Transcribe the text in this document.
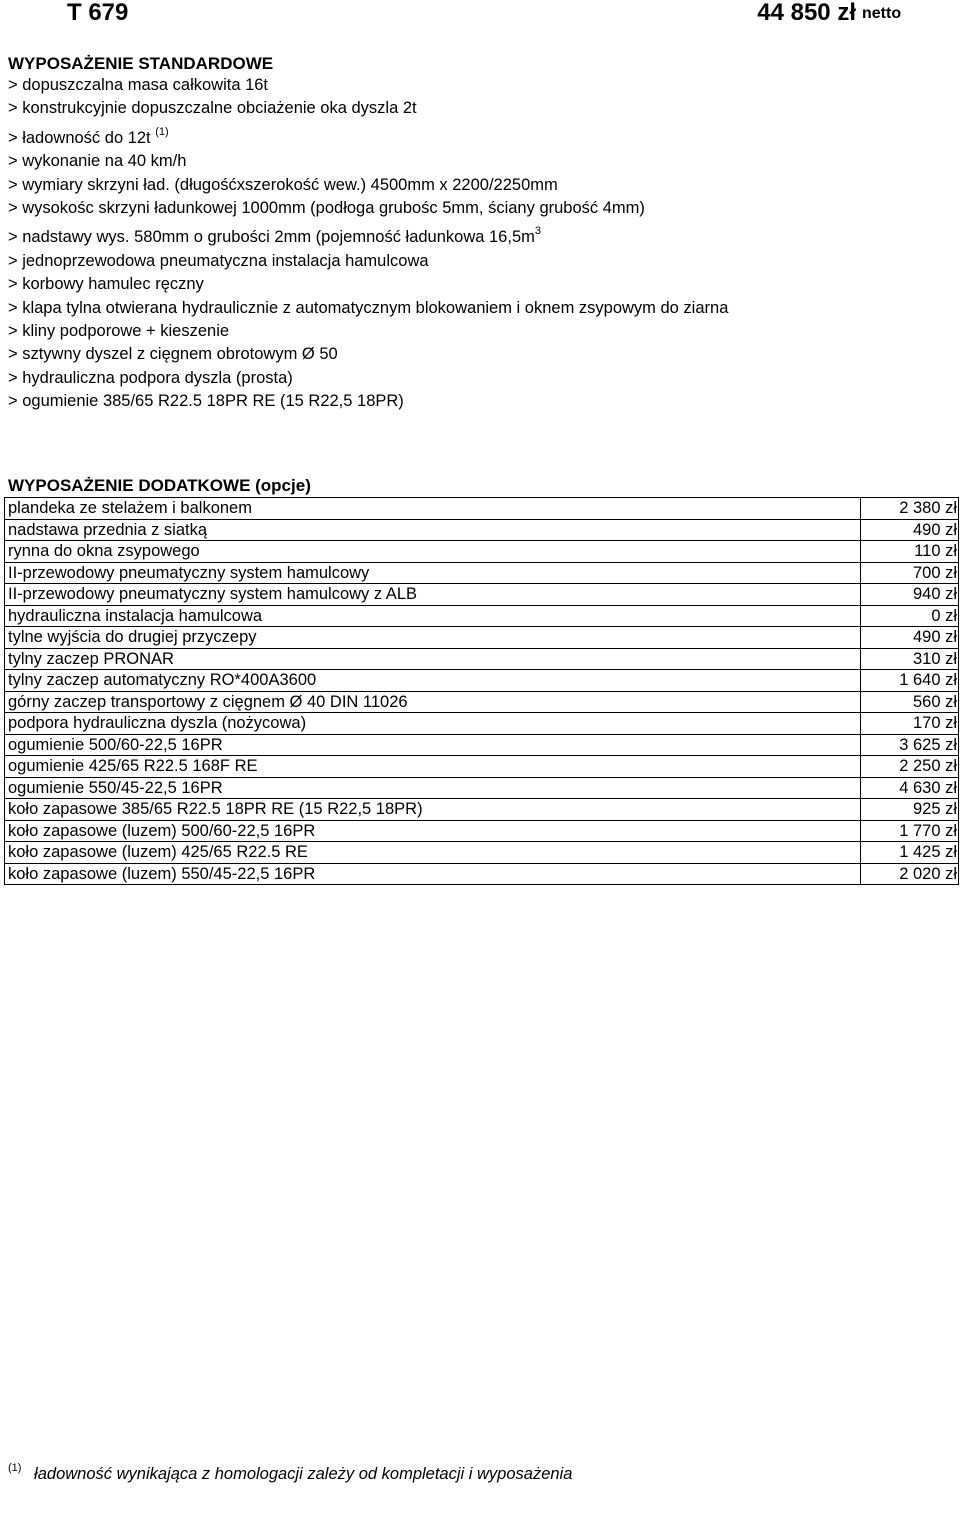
T 679	44 850 zł netto
WYPOSAŻENIE STANDARDOWE
> dopuszczalna masa całkowita 16t
> konstrukcyjnie dopuszczalne obciażenie oka dyszla 2t
> ładowność do 12t $^{(1)}$
> wykonanie na 40 km/h
> wymiary skrzyni ład. (długośćxszerokość wew.) 4500mm x 2200/2250mm
> wysokośc skrzyni ładunkowej 1000mm (podłoga grubośc 5mm, ściany grubość 4mm)
> nadstawy wys. 580mm o grubości 2mm (pojemność ładunkowa $16,5m^3$
> jednoprzewodowa pneumatyczna instalacja hamulcowa
> korbowy hamulec ręczny
> klapa tylna otwierana hydraulicznie z automatycznym blokowaniem i oknem zsypowym do ziarna
> kliny podporowe + kieszenie
> sztywny dyszel z cięgnem obrotowym Ø 50
> hydrauliczna podpora dyszla (prosta)
> ogumienie 385/65 R22.5 18PR RE (15 R22,5 18PR)
WYPOSAŻENIE DODATKOWE (opcje)
plandeka ze stelażem i balkonem	2 380 zł
nadstawa przednia z siatką	490 zł
rynna do okna zsypowego	110 zł
II-przewodowy pneumatyczny system hamulcowy	700 zł
II-przewodowy pneumatyczny system hamulcowy z ALB	940 zł
hydrauliczna instalacja hamulcowa	0 zł
tylne wyjścia do drugiej przyczepy	490 zł
tylny zaczep PRONAR	310 zł
tylny zaczep automatyczny RO*400A3600	1 640 zł
górny zaczep transportowy z cięgnem Ø 40 DIN 11026	560 zł
podpora hydrauliczna dyszla (nożycowa)	170 zł
ogumienie 500/60-22,5 16PR	3 625 zł
ogumienie 425/65 R22.5 168F RE	2 250 zł
ogumienie 550/45-22,5 16PR	4 630 zł
koło zapasowe 385/65 R22.5 18PR RE (15 R22,5 18PR)	925 zł
koło zapasowe (luzem) 500/60-22,5 16PR	1 770 zł
koło zapasowe (luzem) 425/65 R22.5 RE	1 425 zł
koło zapasowe (luzem) 550/45-22,5 16PR	2 020 zł
$^{(1)}$ ładowność wynikająca z homologacji zależy od kompletacji i wyposażenia
